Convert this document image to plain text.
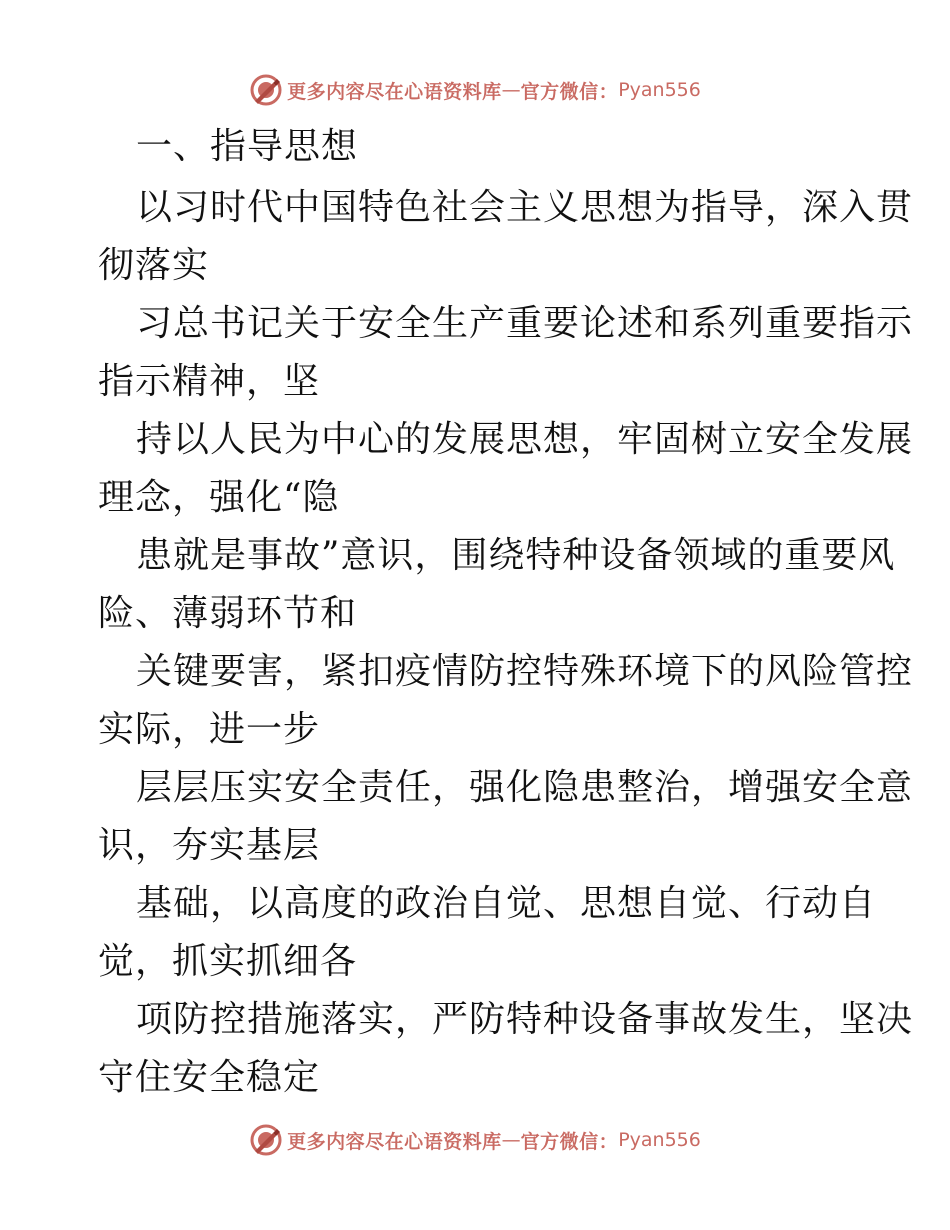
更多内容尽在心语资料库 — 官方微信： Pyan556
一、指导思想
以习时代中国特色社会主义思想为指导，深入贯
彻落实
习总书记关于安全生产重要论述和系列重要指示
指示精神，坚
持以人民为中心的发展思想，牢固树立安全发展
理念，强化“隐
患就是事故”意识，围绕特种设备领域的重要风
险、薄弱环节和
关键要害，紧扣疫情防控特殊环境下的风险管控
实际，进一步
层层压实安全责任，强化隐患整治，增强安全意
识，夯实基层
基础，以高度的政治自觉、思想自觉、行动自
觉，抓实抓细各
项防控措施落实，严防特种设备事故发生，坚决
守住安全稳定
更多内容尽在心语资料库 — 官方微信： Pyan556
